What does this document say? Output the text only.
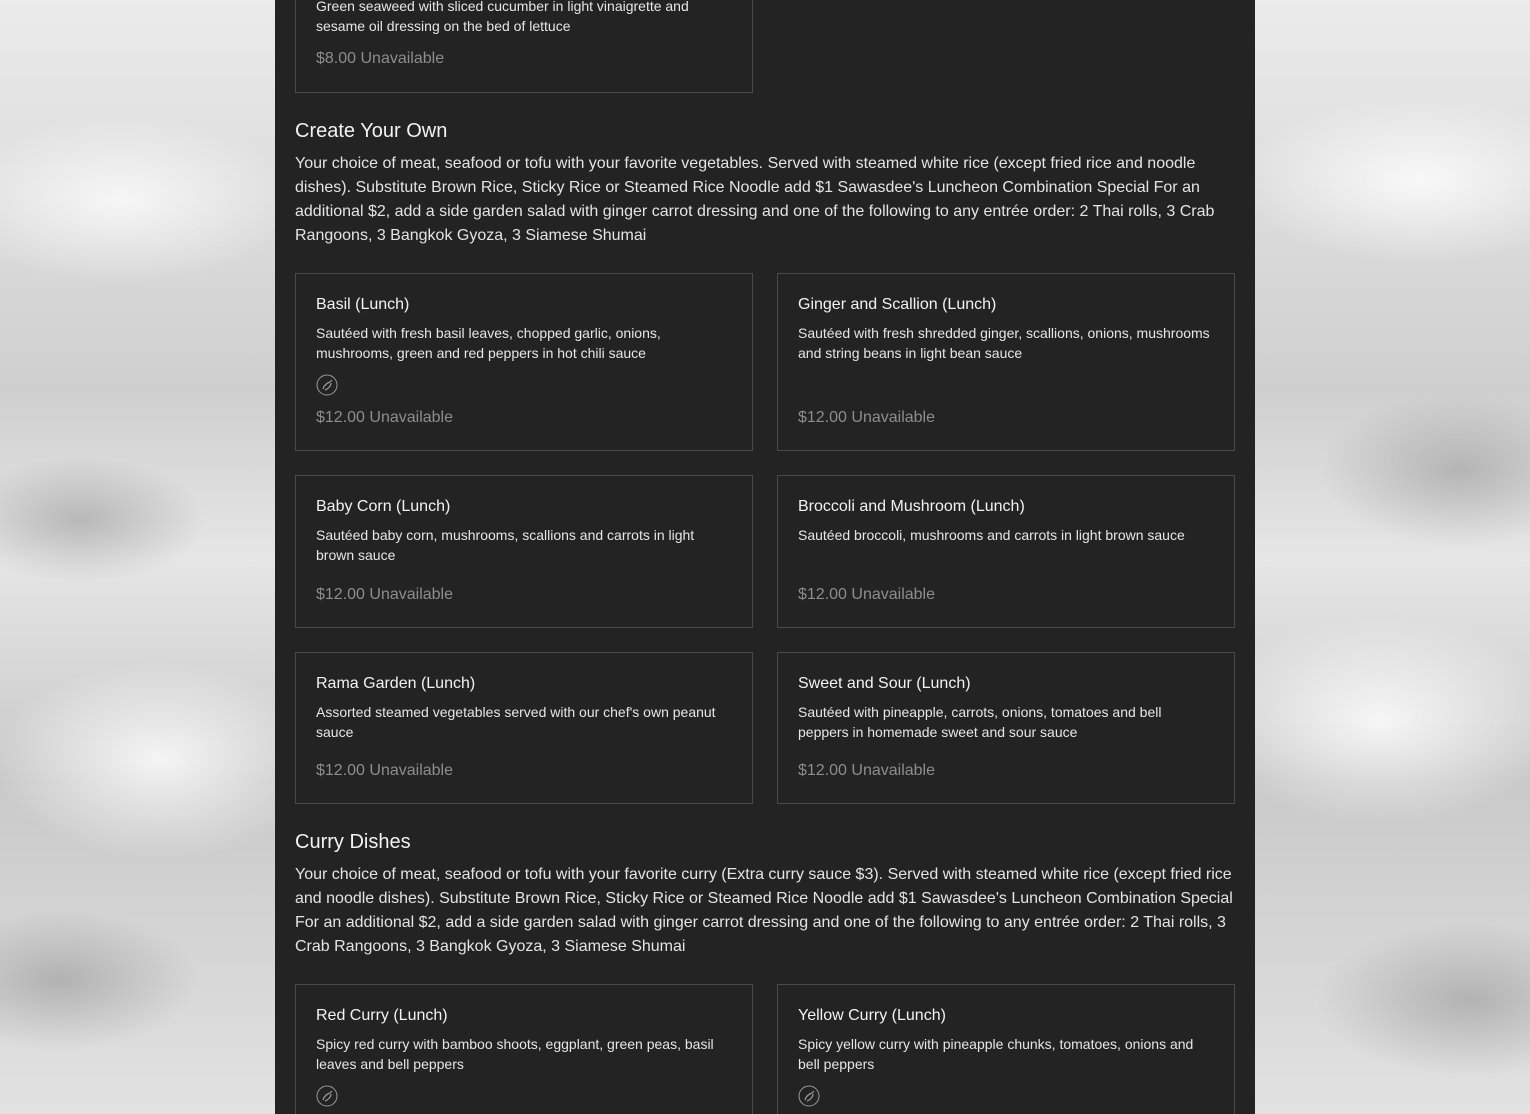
Green seaweed with sliced cucumber in light vinaigrette and sesame oil dressing on the bed of lettuce

$8.00 Unavailable
Create Your Own

Your choice of meat, seafood or tofu with your favorite vegetables. Served with steamed white rice (except fried rice and noodle dishes). Substitute Brown Rice, Sticky Rice or Steamed Rice Noodle add $1 Sawasdee's Luncheon Combination Special For an additional $2, add a side garden salad with ginger carrot dressing and one of the following to any entrée order: 2 Thai rolls, 3 Crab Rangoons, 3 Bangkok Gyoza, 3 Siamese Shumai

Basil (Lunch)

Sautéed with fresh basil leaves, chopped garlic, onions, mushrooms, green and red peppers in hot chili sauce

$12.00 Unavailable

Ginger and Scallion (Lunch)

Sautéed with fresh shredded ginger, scallions, onions, mushrooms and string beans in light bean sauce

$12.00 Unavailable

Baby Corn (Lunch)

Sautéed baby corn, mushrooms, scallions and carrots in light brown sauce

$12.00 Unavailable

Broccoli and Mushroom (Lunch)

Sautéed broccoli, mushrooms and carrots in light brown sauce

$12.00 Unavailable

Rama Garden (Lunch)

Assorted steamed vegetables served with our chef's own peanut sauce

$12.00 Unavailable

Sweet and Sour (Lunch)

Sautéed with pineapple, carrots, onions, tomatoes and bell peppers in homemade sweet and sour sauce

$12.00 Unavailable
Curry Dishes

Your choice of meat, seafood or tofu with your favorite curry (Extra curry sauce $3). Served with steamed white rice (except fried rice and noodle dishes). Substitute Brown Rice, Sticky Rice or Steamed Rice Noodle add $1 Sawasdee's Luncheon Combination Special For an additional $2, add a side garden salad with ginger carrot dressing and one of the following to any entrée order: 2 Thai rolls, 3 Crab Rangoons, 3 Bangkok Gyoza, 3 Siamese Shumai

Red Curry (Lunch)

Spicy red curry with bamboo shoots, eggplant, green peas, basil leaves and bell peppers

Yellow Curry (Lunch)

Spicy yellow curry with pineapple chunks, tomatoes, onions and bell peppers
